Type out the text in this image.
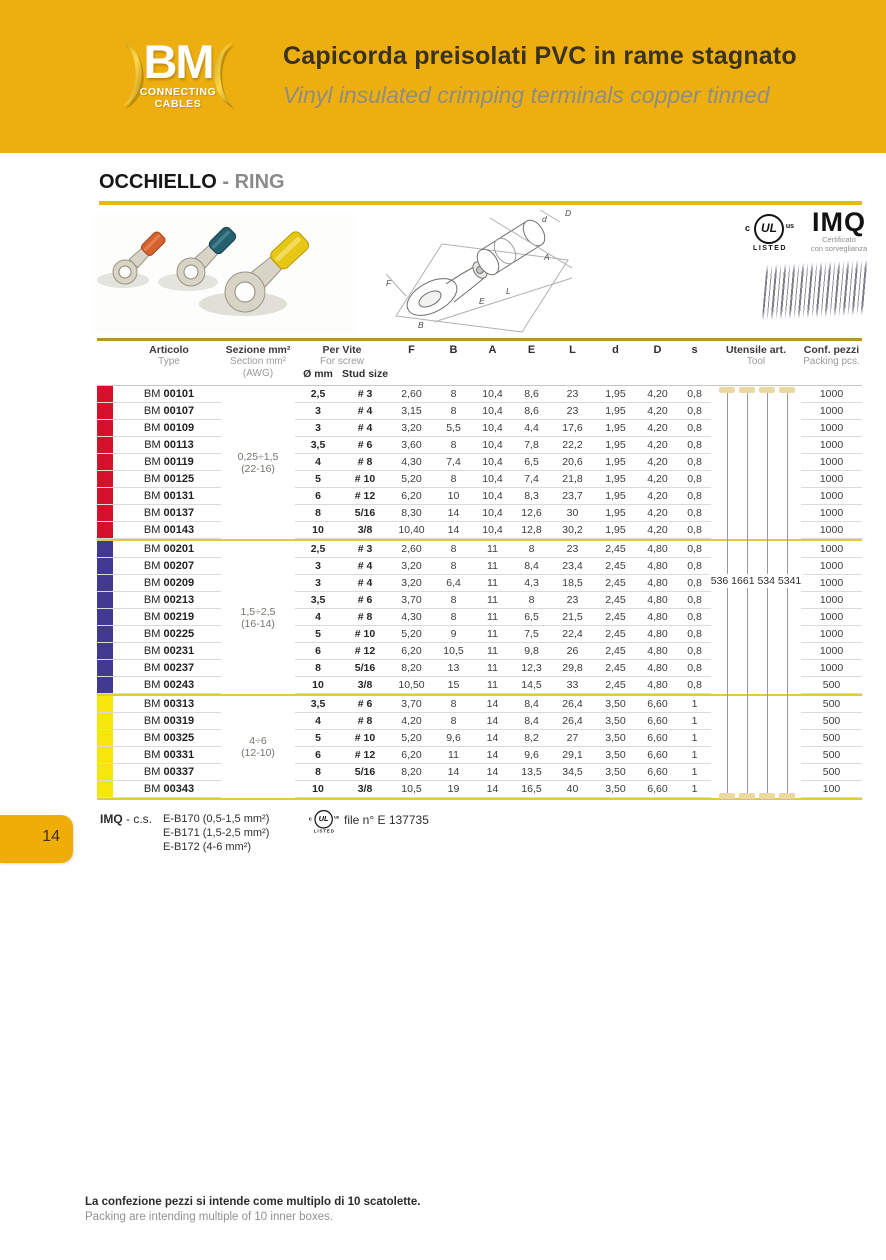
BM
CONNECTING
CABLES
Capicorda preisolati PVC in rame stagnato
Vinyl insulated crimping terminals copper tinned
OCCHIELLO - RING
D
d
A
E
L
F
B
c UL	us
LISTED
IMQ
Certificato
con sorveglianza
Articolo
Type
Sezione mm²
Section mm²
(AWG)
Per Vite
For screw
Ø mm Stud size
F	B	A	E	L	d	D	s	Utensile art.
Tool
Conf. pezzi
Packing pcs.
BM 00101	2,5	# 3	2,60	8	10,4	8,6	23	1,95	4,20	0,8	1000
BM 00107	3	# 4	3,15	8	10,4	8,6	23	1,95	4,20	0,8	1000
BM 00109	3	# 4	3,20	5,5	10,4	4,4	17,6	1,95	4,20	0,8	1000
BM 00113	3,5	# 6	3,60	8	10,4	7,8	22,2	1,95	4,20	0,8	1000
BM 00119	4	# 8	4,30	7,4	10,4	6,5	20,6	1,95	4,20	0,8	1000
BM 00125	5	# 10	5,20	8	10,4	7,4	21,8	1,95	4,20	0,8	1000
BM 00131	6	# 12	6,20	10	10,4	8,3	23,7	1,95	4,20	0,8	1000
BM 00137	8	5/16	8,30	14	10,4	12,6	30	1,95	4,20	0,8	1000
BM 00143	10	3/8	10,40	14	10,4	12,8	30,2	1,95	4,20	0,8	1000
0,25÷1,5
(22-16)
BM 00201	2,5	# 3	2,60	8	11	8	23	2,45	4,80	0,8	1000
BM 00207	3	# 4	3,20	8	11	8,4	23,4	2,45	4,80	0,8	1000
BM 00209	3	# 4	3,20	6,4	11	4,3	18,5	2,45	4,80	0,8	1000
BM 00213	3,5	# 6	3,70	8	11	8	23	2,45	4,80	0,8	1000
BM 00219	4	# 8	4,30	8	11	6,5	21,5	2,45	4,80	0,8	1000
BM 00225	5	# 10	5,20	9	11	7,5	22,4	2,45	4,80	0,8	1000
BM 00231	6	# 12	6,20	10,5	11	9,8	26	2,45	4,80	0,8	1000
BM 00237	8	5/16	8,20	13	11	12,3	29,8	2,45	4,80	0,8	1000
BM 00243	10	3/8	10,50	15	11	14,5	33	2,45	4,80	0,8	500
1,5÷2,5
(16-14)
BM 00313	3,5	# 6	3,70	8	14	8,4	26,4	3,50	6,60	1	500
BM 00319	4	# 8	4,20	8	14	8,4	26,4	3,50	6,60	1	500
BM 00325	5	# 10	5,20	9,6	14	8,2	27	3,50	6,60	1	500
BM 00331	6	# 12	6,20	11	14	9,6	29,1	3,50	6,60	1	500
BM 00337	8	5/16	8,20	14	14	13,5	34,5	3,50	6,60	1	500
BM 00343	10	3/8	10,5	19	14	16,5	40	3,50	6,60	1	100
4÷6
(12-10)
536 1661 534 5341
IMQ - c.s. E-B170 (0,5-1,5 mm²)
E-B171 (1,5-2,5 mm²)
E-B172 (4-6 mm²)
c UL us
LISTED
file n° E 137735
14
La confezione pezzi si intende come multiplo di 10 scatolette.
Packing are intending multiple of 10 inner boxes.
